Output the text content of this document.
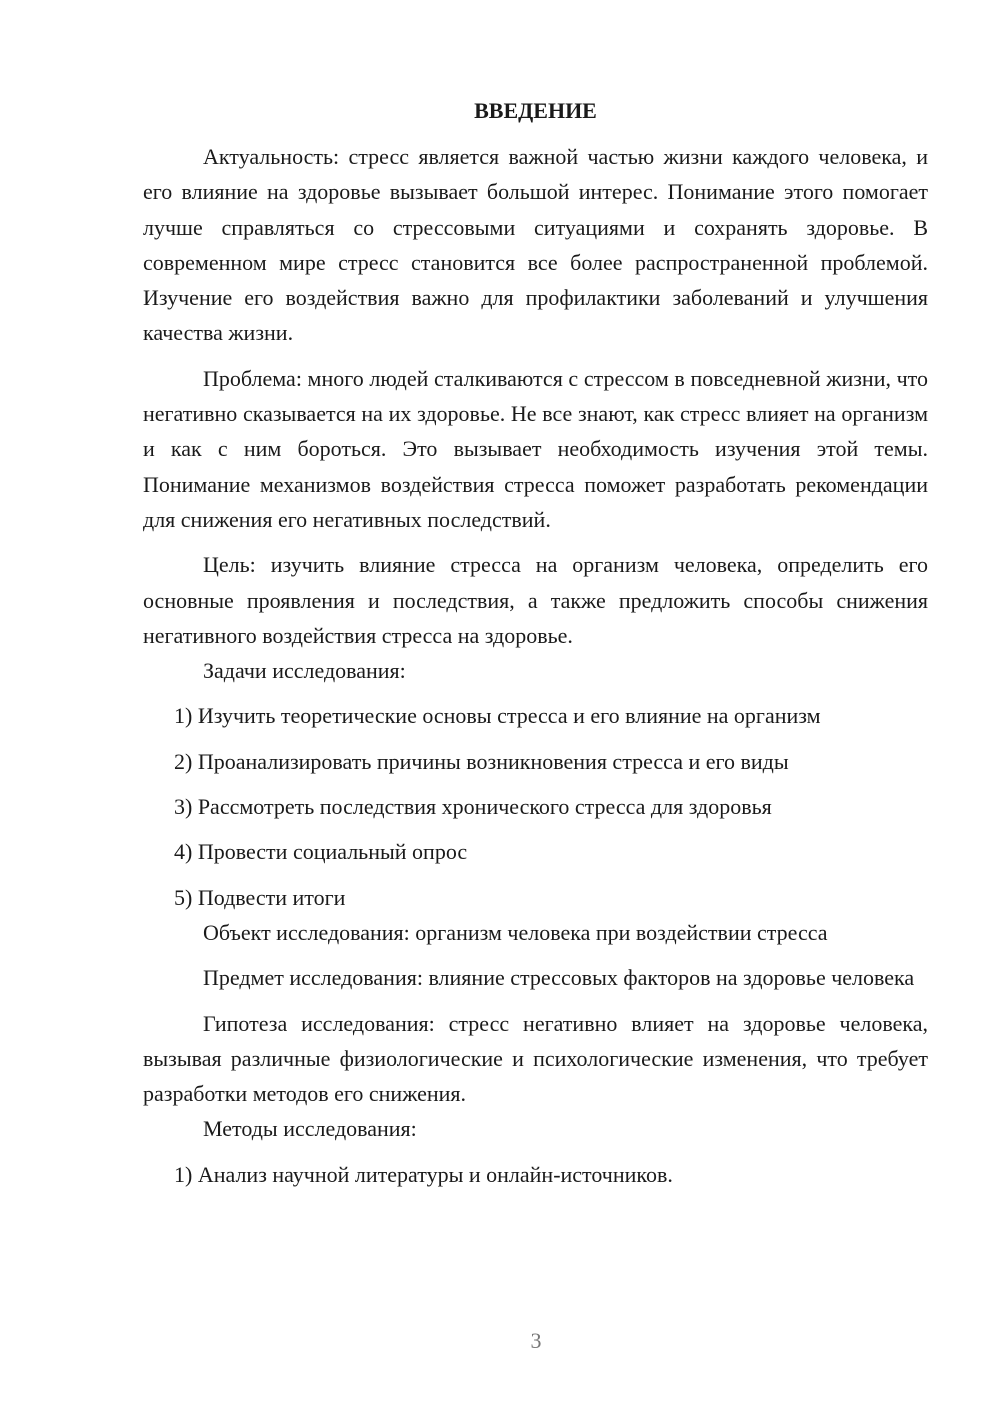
ВВЕДЕНИЕ

Актуальность: стресс является важной частью жизни каждого человека, и его влияние на здоровье вызывает большой интерес. Понимание этого помогает лучше справляться со стрессовыми ситуациями и сохранять здоровье. В современном мире стресс становится все более распространенной проблемой. Изучение его воздействия важно для профилактики заболеваний и улучшения качества жизни.

Проблема: много людей сталкиваются с стрессом в повседневной жизни, что негативно сказывается на их здоровье. Не все знают, как стресс влияет на организм и как с ним бороться. Это вызывает необходимость изучения этой темы. Понимание механизмов воздействия стресса поможет разработать рекомендации для снижения его негативных последствий.

Цель: изучить влияние стресса на организм человека, определить его основные проявления и последствия, а также предложить способы снижения негативного воздействия стресса на здоровье.

Задачи исследования:

1) Изучить теоретические основы стресса и его влияние на организм

2) Проанализировать причины возникновения стресса и его виды

3) Рассмотреть последствия хронического стресса для здоровья

4) Провести социальный опрос

5) Подвести итоги

Объект исследования: организм человека при воздействии стресса

Предмет исследования: влияние стрессовых факторов на здоровье человека

Гипотеза исследования: стресс негативно влияет на здоровье человека, вызывая различные физиологические и психологические изменения, что требует разработки методов его снижения.

Методы исследования:

1) Анализ научной литературы и онлайн-источников.

3
